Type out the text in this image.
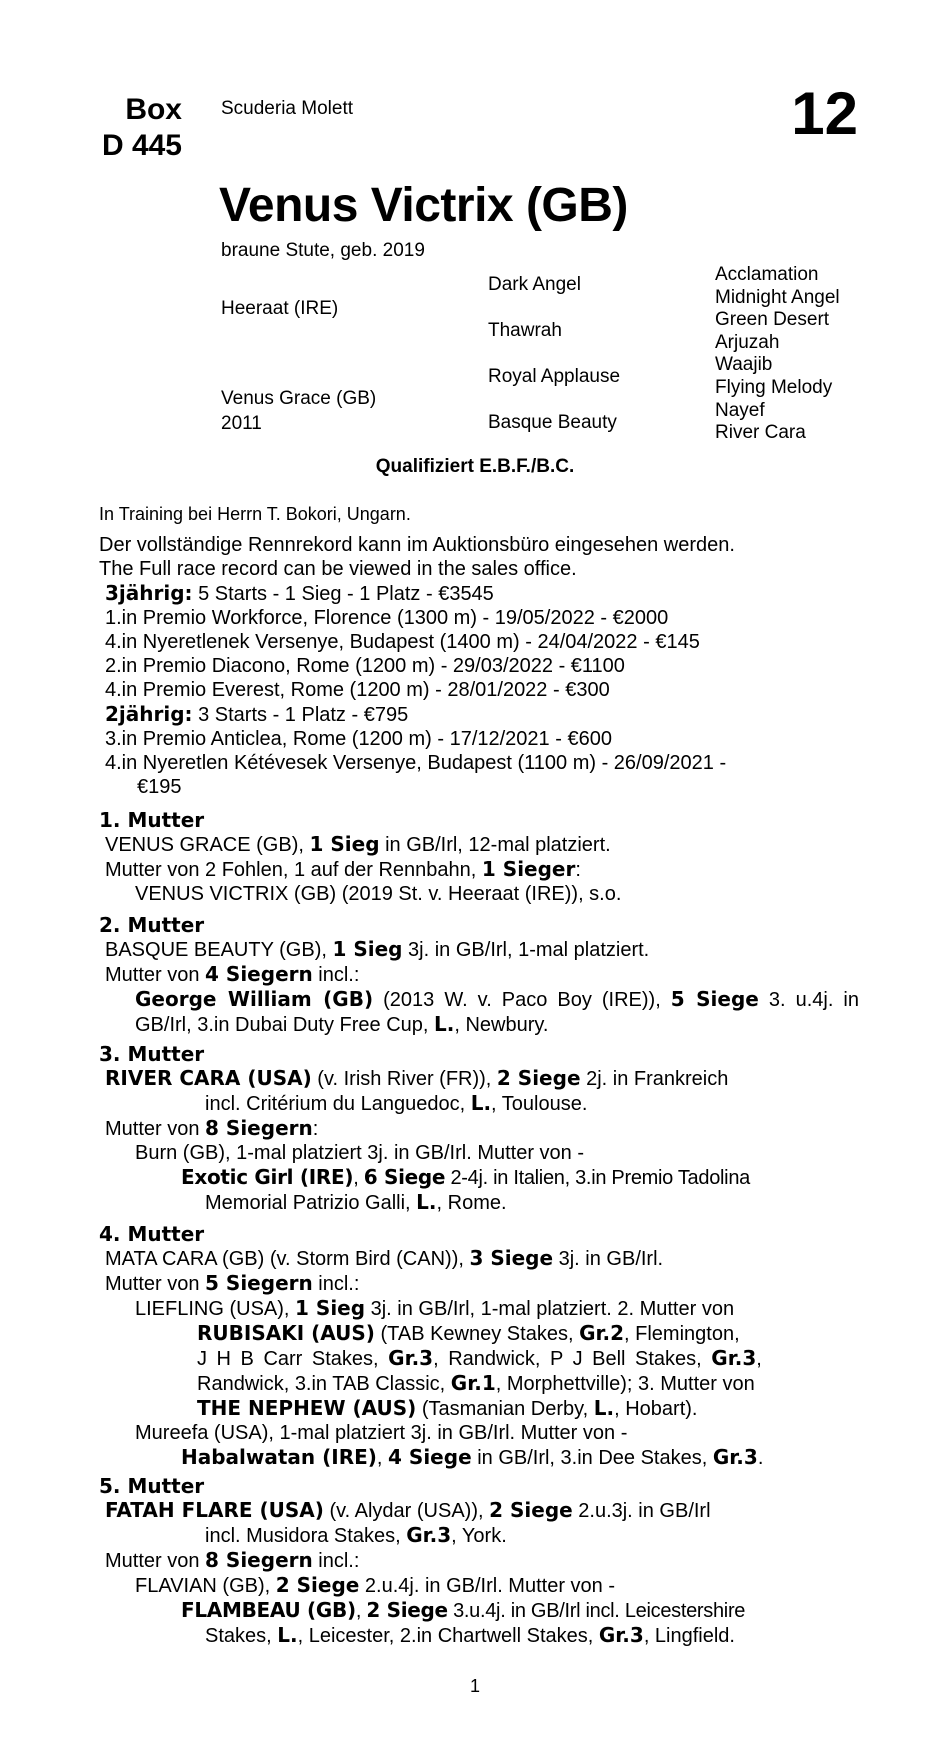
Box
D 445
Scuderia Molett	12
Venus Victrix (GB)
braune Stute, geb. 2019
Heeraat (IRE)
Venus Grace (GB)
2011
Dark Angel
Thawrah
Royal Applause
Basque Beauty
Acclamation
Midnight Angel
Green Desert
Arjuzah
Waajib
Flying Melody
Nayef
River Cara
Qualifiziert E.B.F./B.C.
In Training bei Herrn T. Bokori, Ungarn.
Der vollständige Rennrekord kann im Auktionsbüro eingesehen werden.
The Full race record can be viewed in the sales office.
3jährig: 5 Starts - 1 Sieg - 1 Platz - €3545
1.in Premio Workforce, Florence (1300 m) - 19/05/2022 - €2000
4.in Nyeretlenek Versenye, Budapest (1400 m) - 24/04/2022 - €145
2.in Premio Diacono, Rome (1200 m) - 29/03/2022 - €1100
4.in Premio Everest, Rome (1200 m) - 28/01/2022 - €300
2jährig: 3 Starts - 1 Platz - €795
3.in Premio Anticlea, Rome (1200 m) - 17/12/2021 - €600
4.in Nyeretlen Kétévesek Versenye, Budapest (1100 m) - 26/09/2021 -
€195
1. Mutter
VENUS GRACE (GB), 1 Sieg in GB/Irl, 12-mal platziert.
Mutter von 2 Fohlen, 1 auf der Rennbahn, 1 Sieger:
VENUS VICTRIX (GB) (2019 St. v. Heeraat (IRE)), s.o.
2. Mutter
BASQUE BEAUTY (GB), 1 Sieg 3j. in GB/Irl, 1-mal platziert.
Mutter von 4 Siegern incl.:
George William (GB) (2013 W. v. Paco Boy (IRE)), 5 Siege 3. u.4j. in GB/Irl, 3.in Dubai Duty Free Cup, L., Newbury.
3. Mutter
RIVER CARA (USA) (v. Irish River (FR)), 2 Siege 2j. in Frankreich
incl. Critérium du Languedoc, L., Toulouse.
Mutter von 8 Siegern:
Burn (GB), 1-mal platziert 3j. in GB/Irl. Mutter von -
Exotic Girl (IRE), 6 Siege 2-4j. in Italien, 3.in Premio Tadolina
Memorial Patrizio Galli, L., Rome.
4. Mutter
MATA CARA (GB) (v. Storm Bird (CAN)), 3 Siege 3j. in GB/Irl.
Mutter von 5 Siegern incl.:
LIEFLING (USA), 1 Sieg 3j. in GB/Irl, 1-mal platziert. 2. Mutter von
RUBISAKI (AUS) (TAB Kewney Stakes, Gr.2, Flemington,
J H B Carr Stakes, Gr.3, Randwick, P J Bell Stakes, Gr.3,
Randwick, 3.in TAB Classic, Gr.1, Morphettville); 3. Mutter von
THE NEPHEW (AUS) (Tasmanian Derby, L., Hobart).
Mureefa (USA), 1-mal platziert 3j. in GB/Irl. Mutter von -
Habalwatan (IRE), 4 Siege in GB/Irl, 3.in Dee Stakes, Gr.3.
5. Mutter
FATAH FLARE (USA) (v. Alydar (USA)), 2 Siege 2.u.3j. in GB/Irl
incl. Musidora Stakes, Gr.3, York.
Mutter von 8 Siegern incl.:
FLAVIAN (GB), 2 Siege 2.u.4j. in GB/Irl. Mutter von -
FLAMBEAU (GB), 2 Siege 3.u.4j. in GB/Irl incl. Leicestershire
Stakes, L., Leicester, 2.in Chartwell Stakes, Gr.3, Lingfield.
1
